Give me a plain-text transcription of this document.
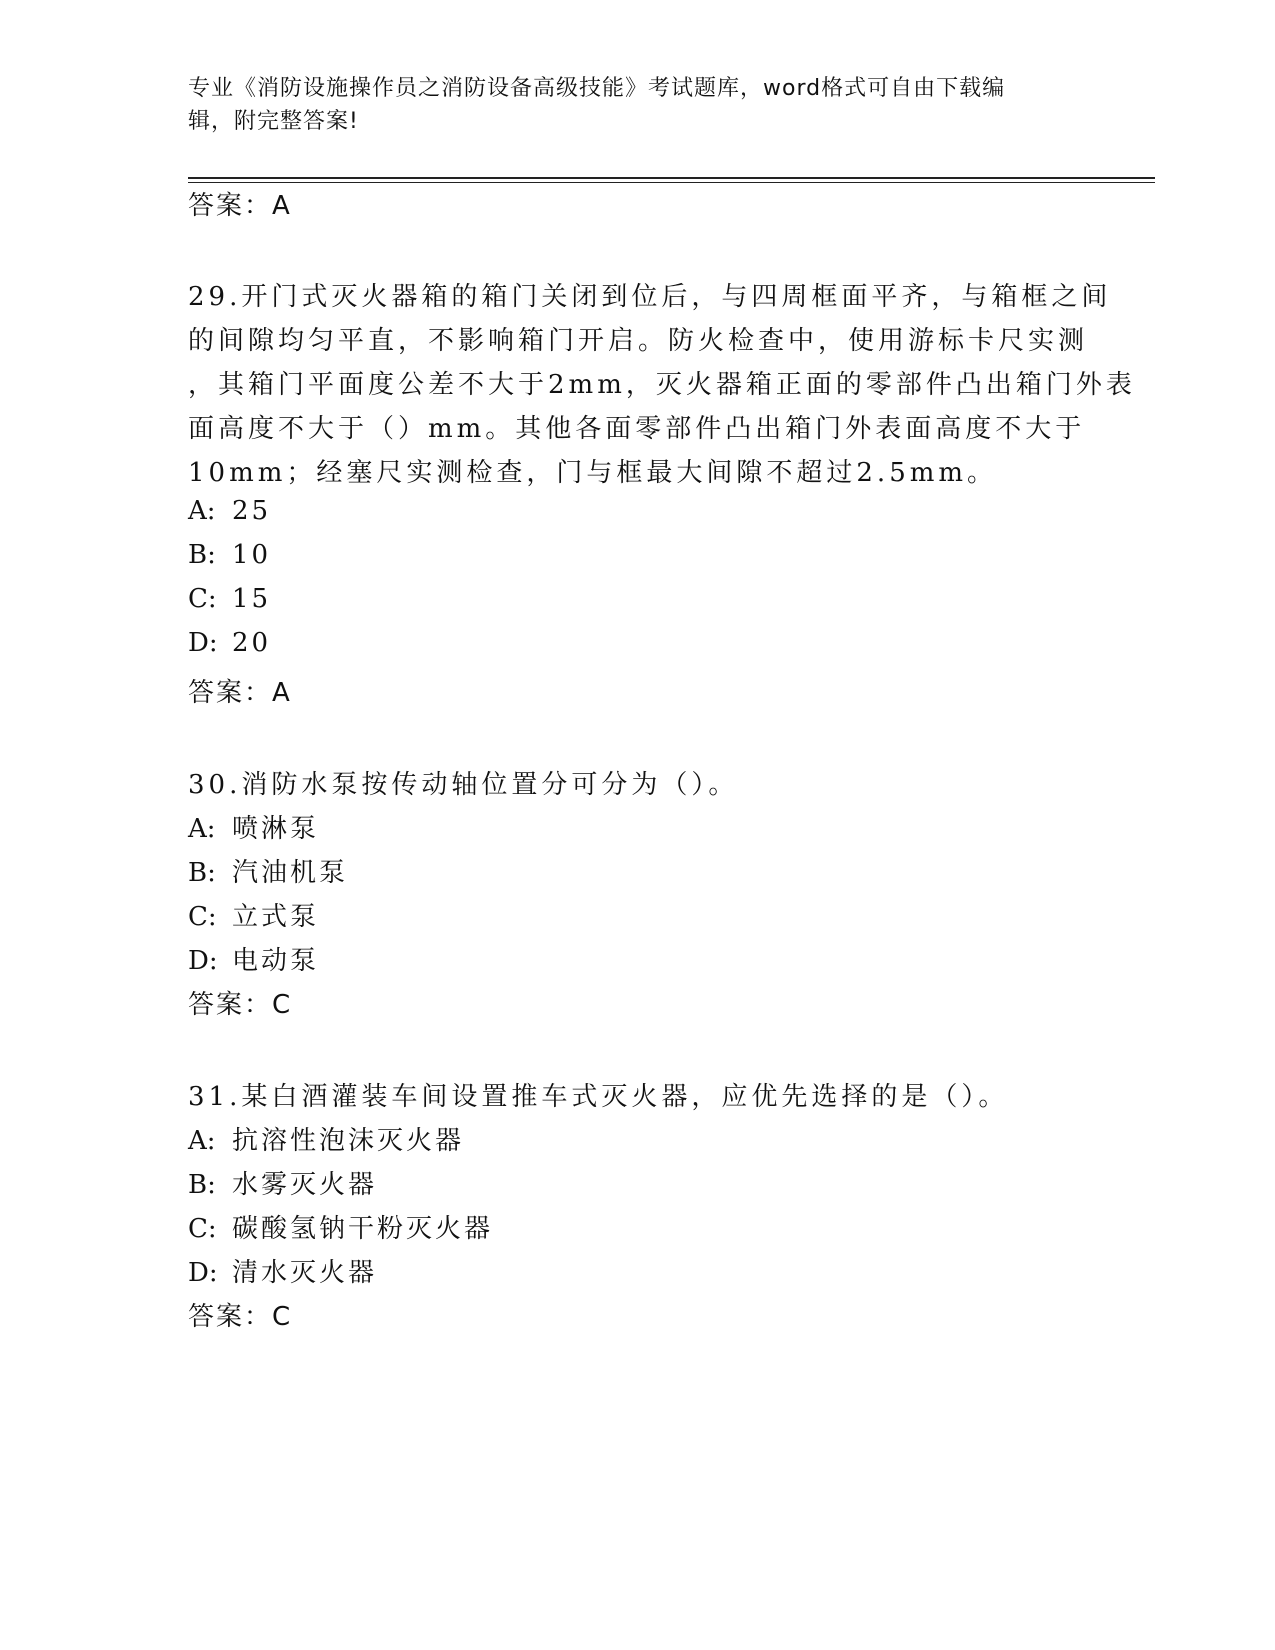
专业《消防设施操作员之消防设备高级技能》考试题库，word格式可自由下载编
辑，附完整答案!
答案：A
29.开门式灭火器箱的箱门关闭到位后，与四周框面平齐，与箱框之间
的间隙均匀平直，不影响箱门开启。防火检查中，使用游标卡尺实测
，其箱门平面度公差不大于2mm，灭火器箱正面的零部件凸出箱门外表
面高度不大于（）mm。其他各面零部件凸出箱门外表面高度不大于
10mm；经塞尺实测检查，门与框最大间隙不超过2.5mm。
A: 25
B: 10
C: 15
D: 20
答案：A
30.消防水泵按传动轴位置分可分为（）。
A: 喷淋泵
B: 汽油机泵
C: 立式泵
D: 电动泵
答案：C
31.某白酒灌装车间设置推车式灭火器，应优先选择的是（）。
A: 抗溶性泡沫灭火器
B: 水雾灭火器
C: 碳酸氢钠干粉灭火器
D: 清水灭火器
答案：C
